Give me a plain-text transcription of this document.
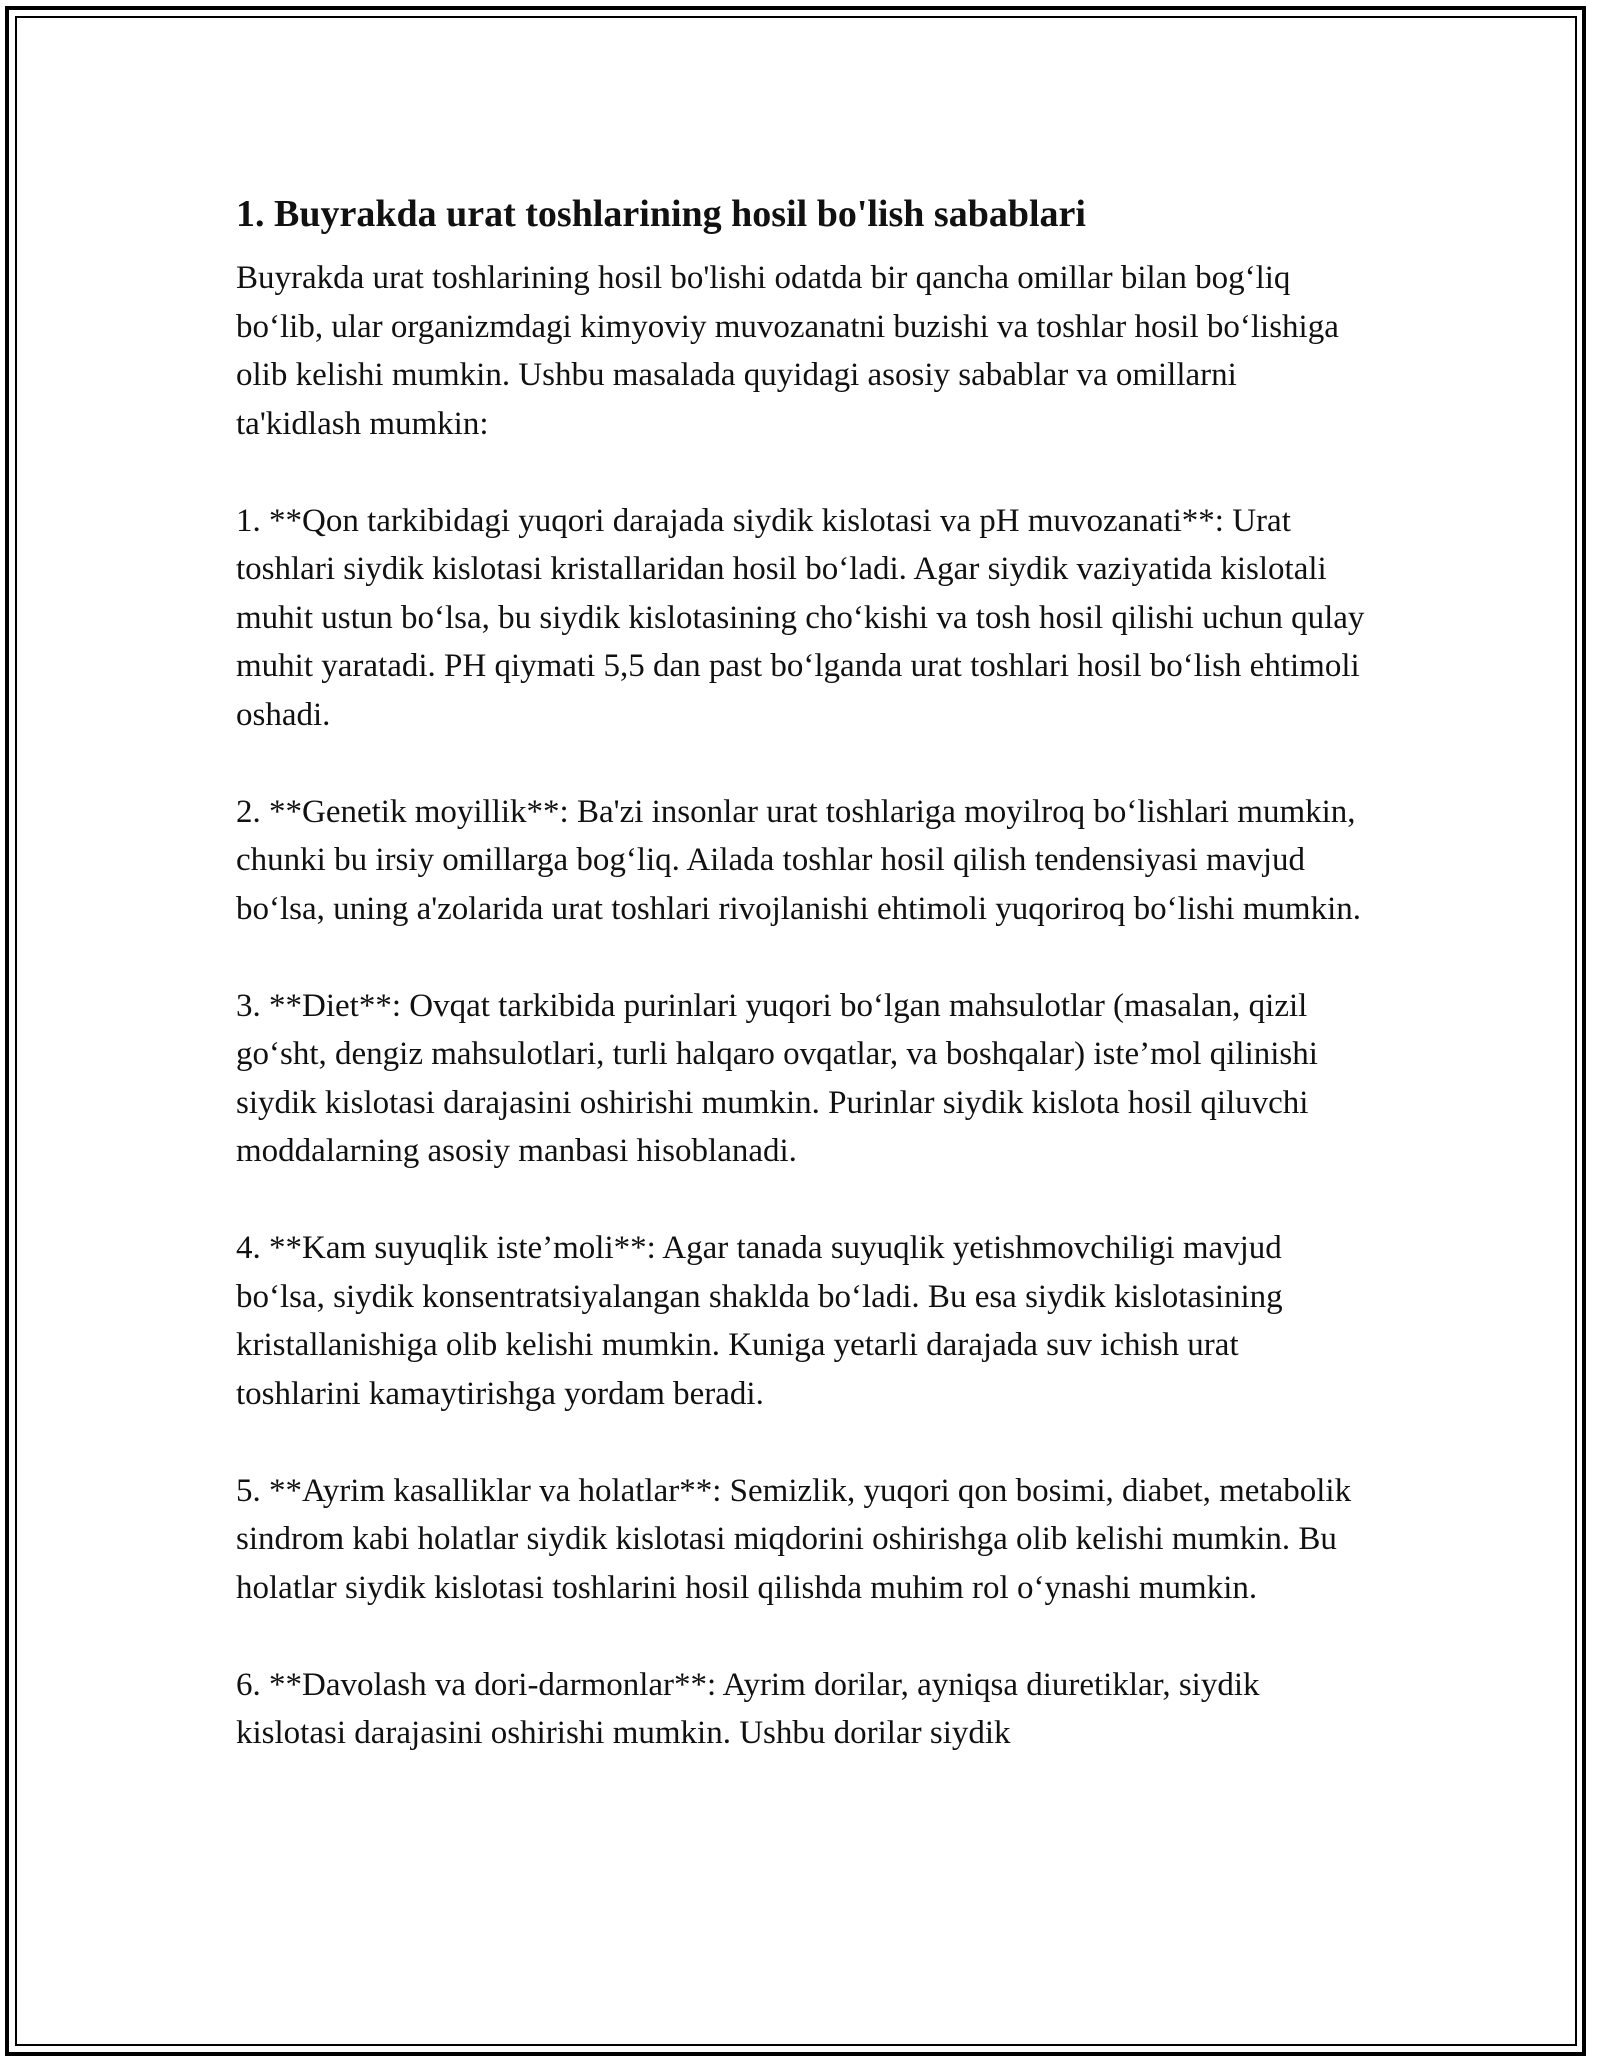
1. Buyrakda urat toshlarining hosil bo'lish sabablari

Buyrakda urat toshlarining hosil bo'lishi odatda bir qancha omillar bilan bog‘liq bo‘lib, ular organizmdagi kimyoviy muvozanatni buzishi va toshlar hosil bo‘lishiga olib kelishi mumkin. Ushbu masalada quyidagi asosiy sabablar va omillarni ta'kidlash mumkin:

1. **Qon tarkibidagi yuqori darajada siydik kislotasi va pH muvozanati**: Urat toshlari siydik kislotasi kristallaridan hosil bo‘ladi. Agar siydik vaziyatida kislotali muhit ustun bo‘lsa, bu siydik kislotasining cho‘kishi va tosh hosil qilishi uchun qulay muhit yaratadi. PH qiymati 5,5 dan past bo‘lganda urat toshlari hosil bo‘lish ehtimoli oshadi.

2. **Genetik moyillik**: Ba'zi insonlar urat toshlariga moyilroq bo‘lishlari mumkin, chunki bu irsiy omillarga bog‘liq. Ailada toshlar hosil qilish tendensiyasi mavjud bo‘lsa, uning a'zolarida urat toshlari rivojlanishi ehtimoli yuqoriroq bo‘lishi mumkin.

3. **Diet**: Ovqat tarkibida purinlari yuqori bo‘lgan mahsulotlar (masalan, qizil go‘sht, dengiz mahsulotlari, turli halqaro ovqatlar, va boshqalar) iste’mol qilinishi siydik kislotasi darajasini oshirishi mumkin. Purinlar siydik kislota hosil qiluvchi moddalarning asosiy manbasi hisoblanadi.

4. **Kam suyuqlik iste’moli**: Agar tanada suyuqlik yetishmovchiligi mavjud bo‘lsa, siydik konsentratsiyalangan shaklda bo‘ladi. Bu esa siydik kislotasining kristallanishiga olib kelishi mumkin. Kuniga yetarli darajada suv ichish urat toshlarini kamaytirishga yordam beradi.

5. **Ayrim kasalliklar va holatlar**: Semizlik, yuqori qon bosimi, diabet, metabolik sindrom kabi holatlar siydik kislotasi miqdorini oshirishga olib kelishi mumkin. Bu holatlar siydik kislotasi toshlarini hosil qilishda muhim rol o‘ynashi mumkin.

6. **Davolash va dori-darmonlar**: Ayrim dorilar, ayniqsa diuretiklar, siydik kislotasi darajasini oshirishi mumkin. Ushbu dorilar siydik
